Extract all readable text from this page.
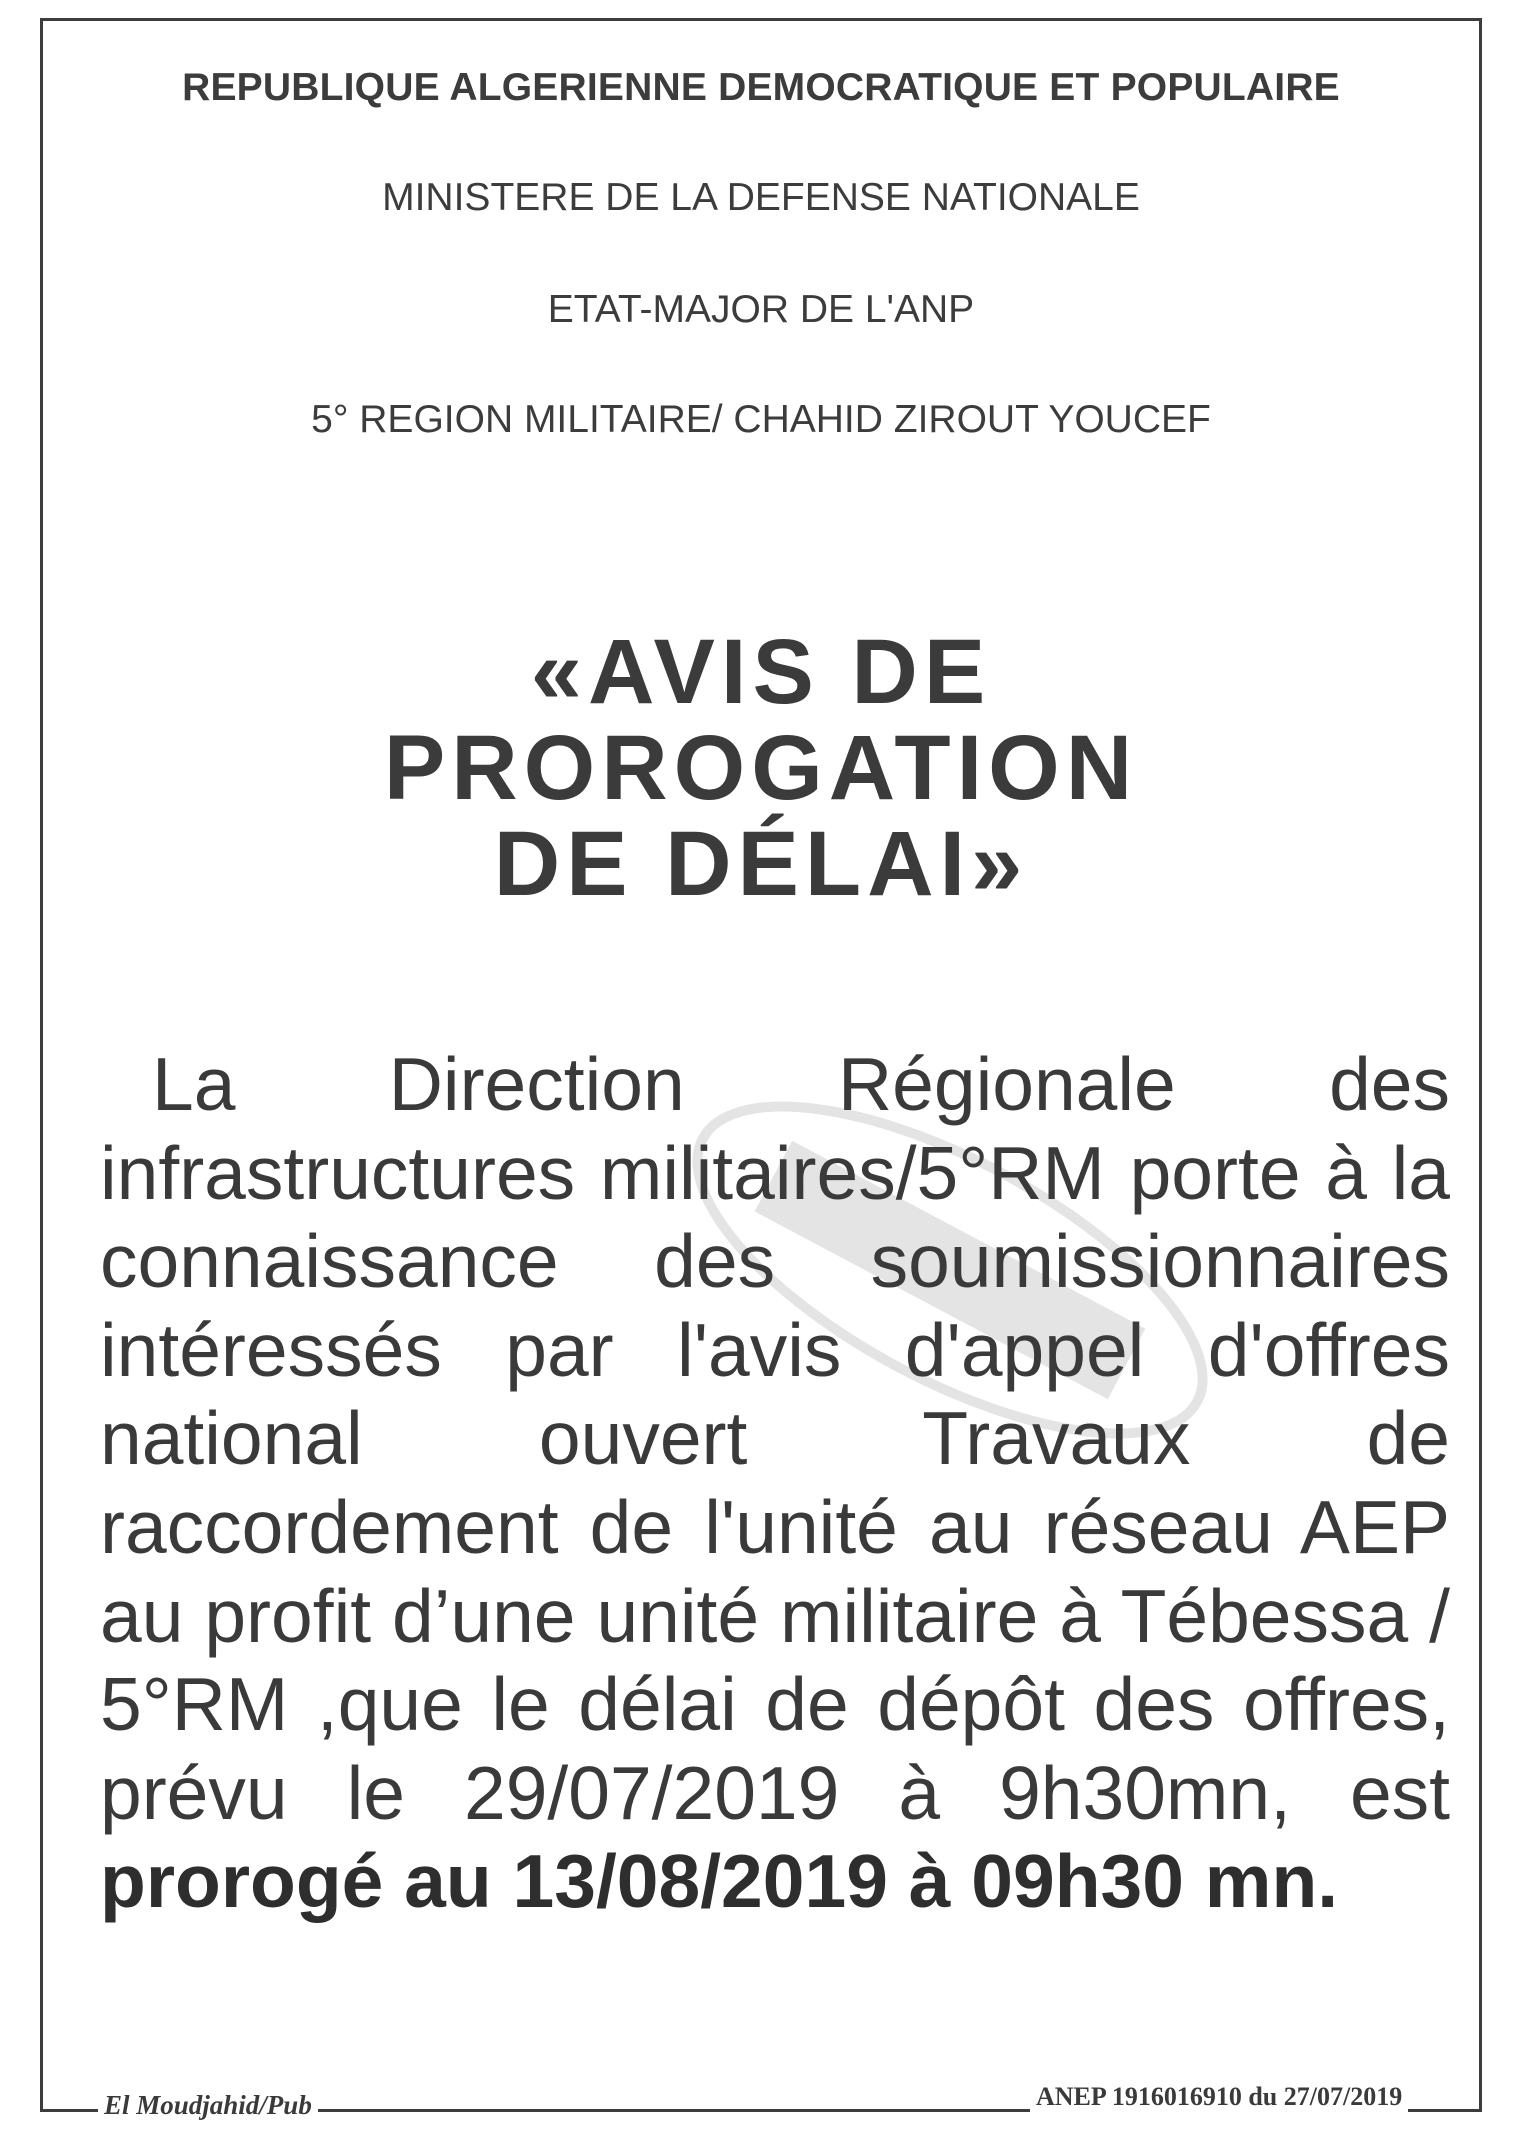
REPUBLIQUE ALGERIENNE DEMOCRATIQUE ET POPULAIRE
MINISTERE DE LA DEFENSE NATIONALE
ETAT-MAJOR DE L'ANP
5° REGION MILITAIRE/ CHAHID ZIROUT YOUCEF
«AVIS DE
PROROGATION
DE DÉLAI»
La Direction Régionale des infrastructures militaires/5°RM porte à la connaissance des soumissionnaires intéressés par l'avis d'appel d'offres national ouvert Travaux de raccordement de l'unité au réseau AEP au profit d’une unité militaire à Tébessa / 5°RM ,que le délai de dépôt des offres, prévu le 29/07/2019 à 9h30mn, est prorogé au 13/08/2019 à 09h30 mn.
El Moudjahid/Pub	ANEP 1916016910 du 27/07/2019
